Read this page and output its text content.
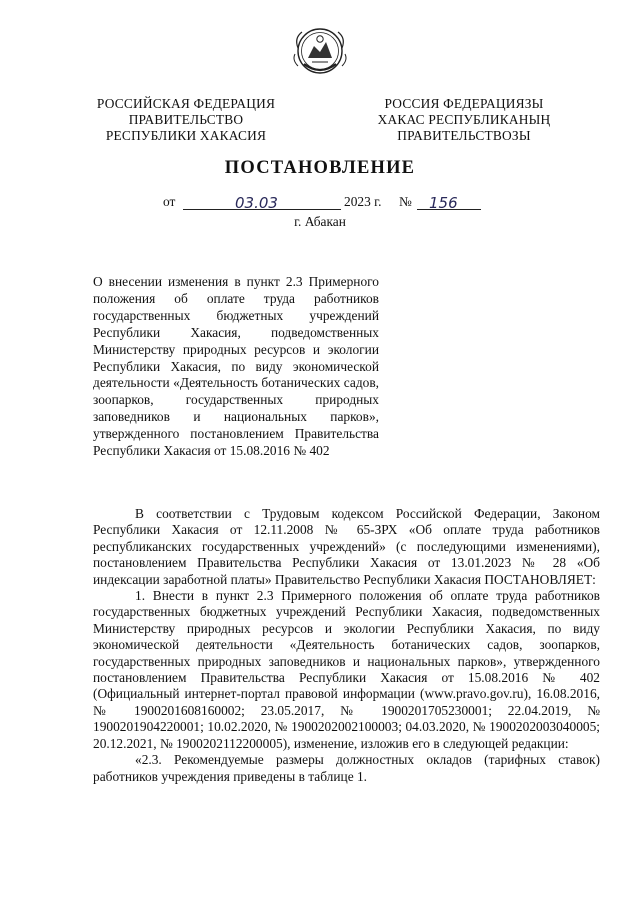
РОССИЙСКАЯ ФЕДЕРАЦИЯ
ПРАВИТЕЛЬСТВО
РЕСПУБЛИКИ ХАКАСИЯ
РОССИЯ ФЕДЕРАЦИЯЗЫ
ХАКАС РЕСПУБЛИКАНЫҢ
ПРАВИТЕЛЬСТВОЗЫ
ПОСТАНОВЛЕНИЕ
от	03.03	2023 г. № 156
г. Абакан
О внесении изменения в пункт 2.3 Примерного положения об оплате труда работников государственных бюджетных учреждений Республики Хакасия, подведомственных Министерству природных ресурсов и экологии Республики Хакасия, по виду экономической деятельности «Деятельность ботанических садов, зоопарков, государственных природных заповедников и национальных парков», утвержденного постановлением Правительства Республики Хакасия от 15.08.2016 № 402

В соответствии с Трудовым кодексом Российской Федерации, Законом Республики Хакасия от 12.11.2008 № 65-ЗРХ «Об оплате труда работников республиканских государственных учреждений» (с последующими изменениями), постановлением Правительства Республики Хакасия от 13.01.2023 № 28 «Об индексации заработной платы» Правительство Республики Хакасия ПОСТАНОВЛЯЕТ:

1. Внести в пункт 2.3 Примерного положения об оплате труда работников государственных бюджетных учреждений Республики Хакасия, подведомственных Министерству природных ресурсов и экологии Республики Хакасия, по виду экономической деятельности «Деятельность ботанических садов, зоопарков, государственных природных заповедников и национальных парков», утвержденного постановлением Правительства Республики Хакасия от 15.08.2016 № 402 (Официальный интернет-портал правовой информации (www.pravo.gov.ru), 16.08.2016, № 1900201608160002; 23.05.2017, № 1900201705230001; 22.04.2019, № 1900201904220001; 10.02.2020, № 1900202002100003; 04.03.2020, № 1900202003040005; 20.12.2021, № 1900202112200005), изменение, изложив его в следующей редакции:

«2.3. Рекомендуемые размеры должностных окладов (тарифных ставок) работников учреждения приведены в таблице 1.
